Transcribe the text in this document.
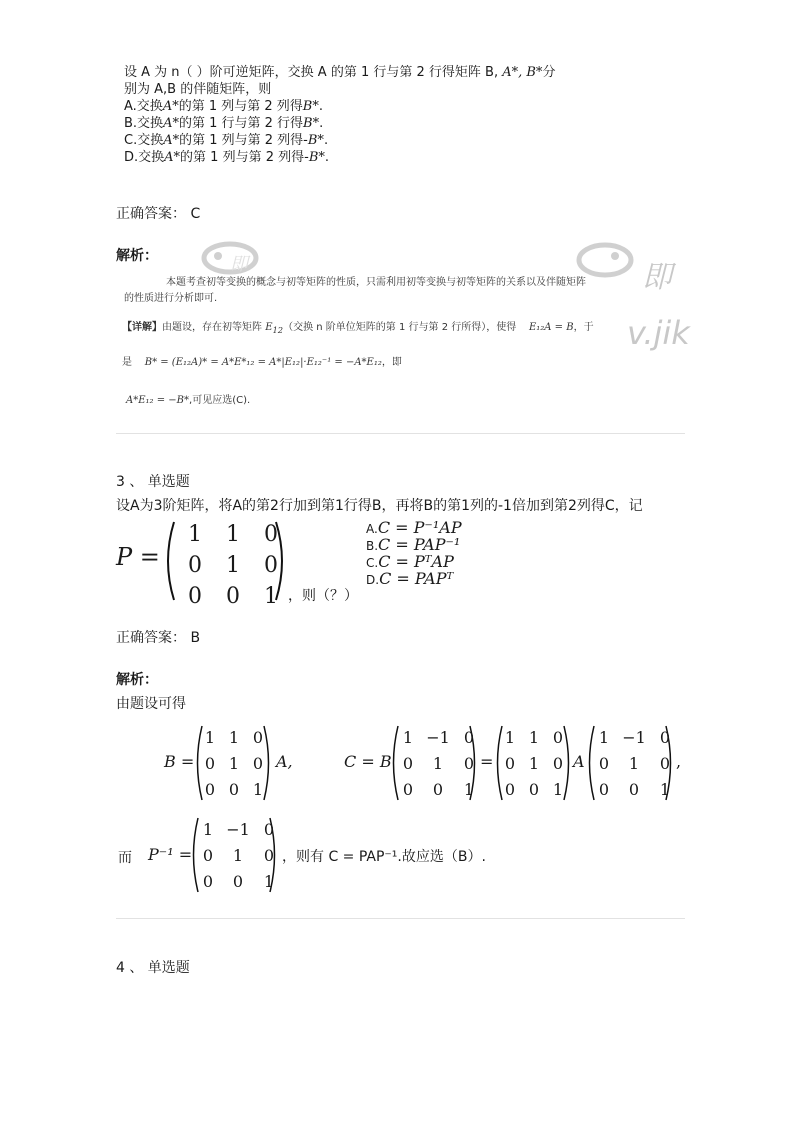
设 A 为 n（ ）阶可逆矩阵，交换 A 的第 1 行与第 2 行得矩阵 B, A*, B*分
别为 A,B 的伴随矩阵，则
A.交换A*的第 1 列与第 2 列得B*.
B.交换A*的第 1 行与第 2 行得B*.
C.交换A*的第 1 列与第 2 列得-B*.
D.交换A*的第 1 列与第 2 列得-B*.
正确答案： C
解析：
即
v.jik
即
本题考查初等变换的概念与初等矩阵的性质，只需利用初等变换与初等矩阵的关系以及伴随矩阵
的性质进行分析即可.
【详解】由题设，存在初等矩阵 $E_{12}$（交换 n 阶单位矩阵的第 1 行与第 2 行所得），使得 E₁₂A = B，于
是 B* = (E₁₂A)* = A*E*₁₂ = A*|E₁₂|·E₁₂⁻¹ = −A*E₁₂，即
A*E₁₂ = −B*,可见应选(C).
3 、 单选题
设A为3阶矩阵，将A的第2行加到第1行得B，再将B的第1列的-1倍加到第2列得C，记
P =
1	1	0
0	1	0
0	0	1 ，则（？）
A.C = P⁻¹AP
B.C = PAP⁻¹
C.C = PᵀAP
D.C = PAPᵀ
正确答案： B
解析：
由题设可得
B =
1 1 0
0 1 0
0 0 1
A,	C = B
1 −1 0
0	1	0
0	0	1
=
1 1 0
0 1 0
0 0 1
A
1 −1 0
0	1	0
0	0	1
,
而 P⁻¹ =
1 −1 0
0	1	0
0	0	1
，则有 C = PAP⁻¹.故应选（B）.
4 、 单选题
